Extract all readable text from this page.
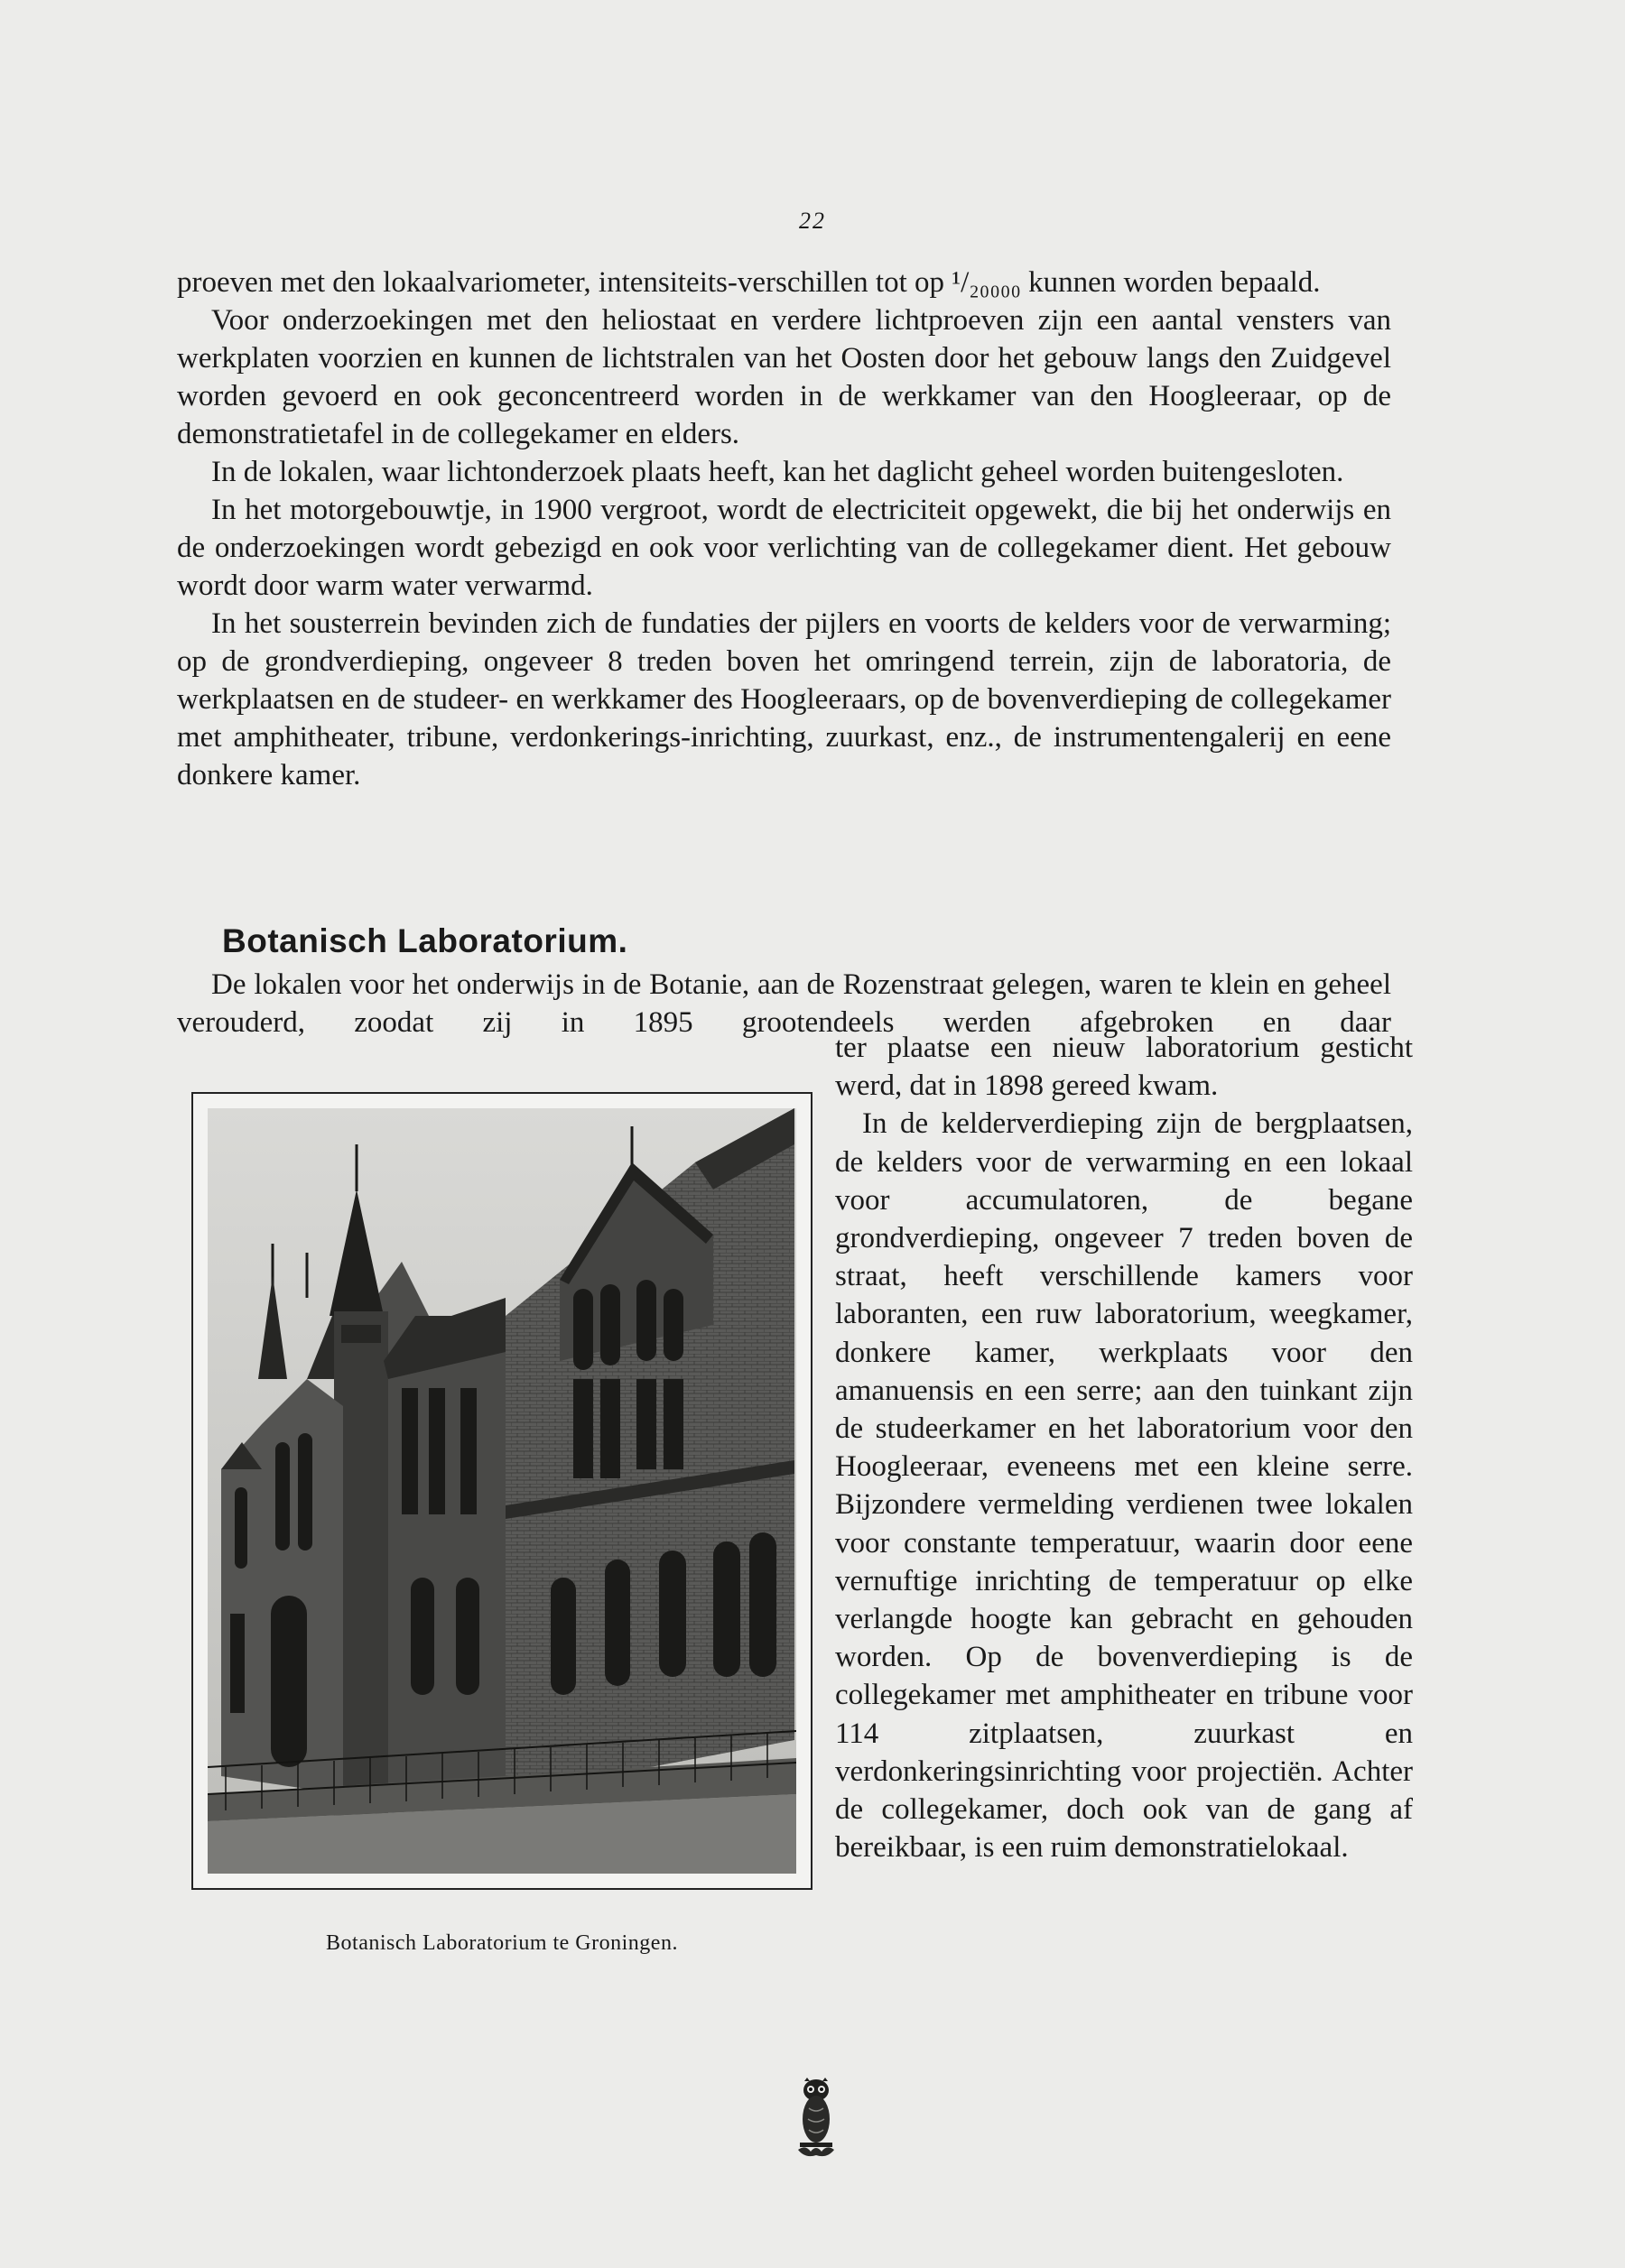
22

proeven met den lokaalvariometer, intensiteits-verschillen tot op ¹/₂₀₀₀₀ kunnen worden bepaald.

Voor onderzoekingen met den heliostaat en verdere lichtproeven zijn een aantal vensters van werkplaten voorzien en kunnen de lichtstralen van het Oosten door het gebouw langs den Zuidgevel worden gevoerd en ook geconcentreerd worden in de werkkamer van den Hoogleeraar, op de demonstratietafel in de collegekamer en elders.

In de lokalen, waar lichtonderzoek plaats heeft, kan het daglicht geheel worden buitengesloten.

In het motorgebouwtje, in 1900 vergroot, wordt de electriciteit opgewekt, die bij het onderwijs en de onderzoekingen wordt gebezigd en ook voor verlichting van de collegekamer dient. Het gebouw wordt door warm water verwarmd.

In het sousterrein bevinden zich de fundaties der pijlers en voorts de kelders voor de verwarming; op de grondverdieping, ongeveer 8 treden boven het omringend terrein, zijn de laboratoria, de werkplaatsen en de studeer- en werkkamer des Hoogleeraars, op de bovenverdieping de collegekamer met amphitheater, tribune, verdonkerings-inrichting, zuurkast, enz., de instrumentengalerij en eene donkere kamer.

Botanisch Laboratorium.

De lokalen voor het onderwijs in de Botanie, aan de Rozenstraat gelegen, waren te klein en geheel verouderd, zoodat zij in 1895 grootendeels werden afgebroken en daar

ter plaatse een nieuw laboratorium gesticht werd, dat in 1898 gereed kwam.

In de kelderverdieping zijn de bergplaatsen, de kelders voor de verwarming en een lokaal voor accumulatoren, de begane grondverdieping, ongeveer 7 treden boven de straat, heeft verschillende kamers voor laboranten, een ruw laboratorium, weegkamer, donkere kamer, werkplaats voor den amanuensis en een serre; aan den tuinkant zijn de studeerkamer en het laboratorium voor den Hoogleeraar, eveneens met een kleine serre. Bijzondere vermelding verdienen twee lokalen voor constante temperatuur, waarin door eene vernuftige inrichting de temperatuur op elke verlangde hoogte kan gebracht en gehouden worden. Op de bovenverdieping is de collegekamer met amphitheater en tribune voor 114 zitplaatsen, zuurkast en verdonkeringsinrichting voor projectiën. Achter de collegekamer, doch ook van de gang af bereikbaar, is een ruim demonstratielokaal.

Botanisch Laboratorium te Groningen.
